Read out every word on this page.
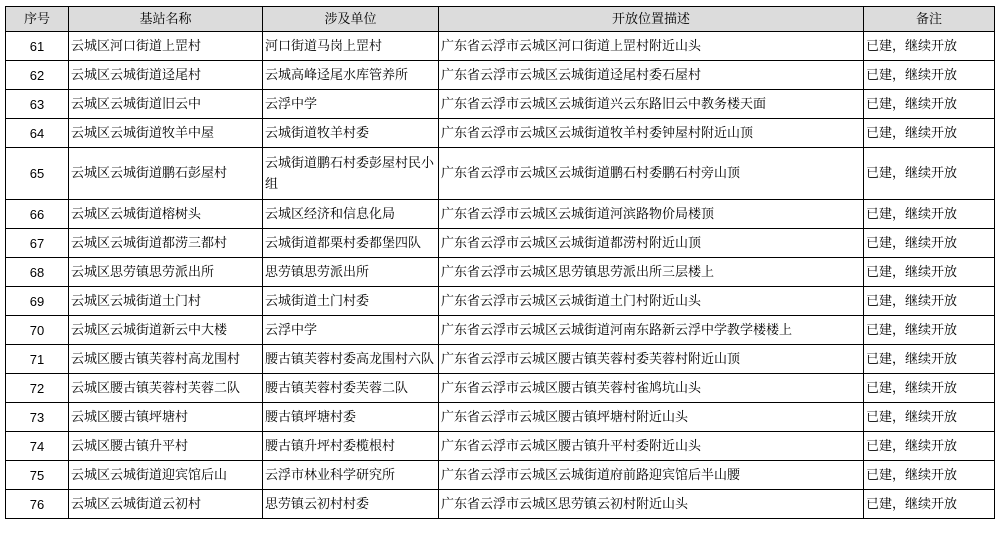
序号	基站名称	涉及单位	开放位置描述	备注
61	云城区河口街道上罡村	河口街道马岗上罡村	广东省云浮市云城区河口街道上罡村附近山头	已建，继续开放
62	云城区云城街道迳尾村	云城高峰迳尾水库管养所	广东省云浮市云城区云城街道迳尾村委石屋村	已建，继续开放
63	云城区云城街道旧云中	云浮中学	广东省云浮市云城区云城街道兴云东路旧云中教务楼天面	已建，继续开放
64	云城区云城街道牧羊中屋	云城街道牧羊村委	广东省云浮市云城区云城街道牧羊村委钟屋村附近山顶	已建，继续开放
65	云城区云城街道鹏石彭屋村	云城街道鹏石村委彭屋村民小组	广东省云浮市云城区云城街道鹏石村委鹏石村旁山顶	已建，继续开放
66	云城区云城街道榕树头	云城区经济和信息化局	广东省云浮市云城区云城街道河滨路物价局楼顶	已建，继续开放
67	云城区云城街道都涝三都村	云城街道都栗村委都堡四队	广东省云浮市云城区云城街道都涝村附近山顶	已建，继续开放
68	云城区思劳镇思劳派出所	思劳镇思劳派出所	广东省云浮市云城区思劳镇思劳派出所三层楼上	已建，继续开放
69	云城区云城街道土门村	云城街道土门村委	广东省云浮市云城区云城街道土门村附近山头	已建，继续开放
70	云城区云城街道新云中大楼	云浮中学	广东省云浮市云城区云城街道河南东路新云浮中学教学楼楼上	已建，继续开放
71	云城区腰古镇芙蓉村高龙围村	腰古镇芙蓉村委高龙围村六队	广东省云浮市云城区腰古镇芙蓉村委芙蓉村附近山顶	已建，继续开放
72	云城区腰古镇芙蓉村芙蓉二队	腰古镇芙蓉村委芙蓉二队	广东省云浮市云城区腰古镇芙蓉村雀鸠坑山头	已建，继续开放
73	云城区腰古镇坪塘村	腰古镇坪塘村委	广东省云浮市云城区腰古镇坪塘村附近山头	已建，继续开放
74	云城区腰古镇升平村	腰古镇升坪村委榄根村	广东省云浮市云城区腰古镇升平村委附近山头	已建，继续开放
75	云城区云城街道迎宾馆后山	云浮市林业科学研究所	广东省云浮市云城区云城街道府前路迎宾馆后半山腰	已建，继续开放
76	云城区云城街道云初村	思劳镇云初村村委	广东省云浮市云城区思劳镇云初村附近山头	已建，继续开放
